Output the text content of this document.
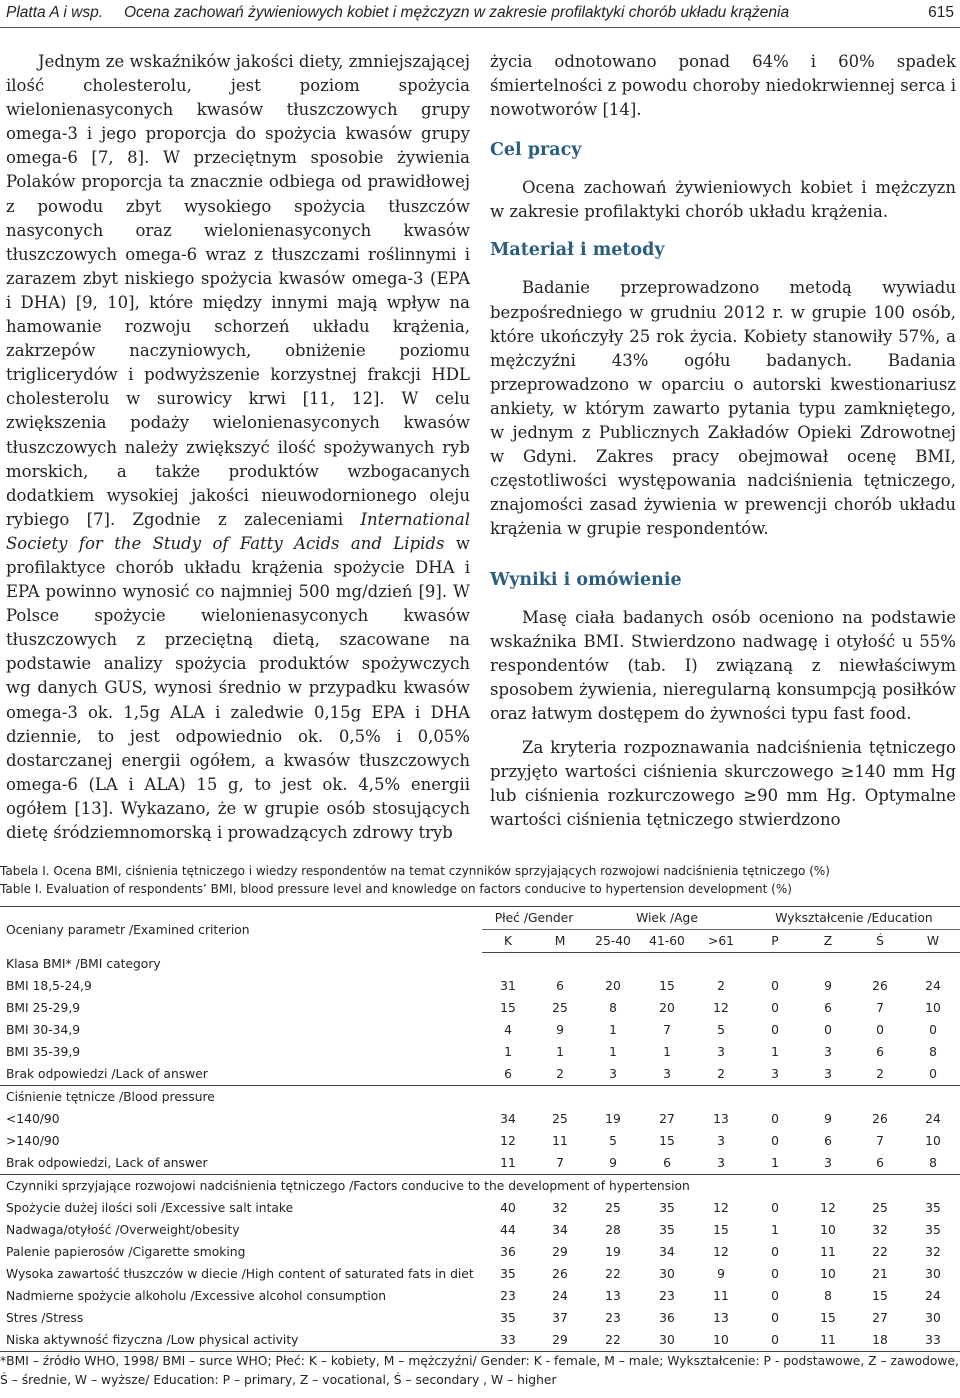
Platta A i wsp. Ocena zachowań żywieniowych kobiet i mężczyzn w zakresie profilaktyki chorób układu krążenia	615

Jednym ze wskaźników jakości diety, zmniejszającej ilość cholesterolu, jest poziom spożycia wielonienasyconych kwasów tłuszczowych grupy omega-3 i jego proporcja do spożycia kwasów grupy omega-6 [7, 8]. W przeciętnym sposobie żywienia Polaków proporcja ta znacznie odbiega od prawidłowej z powodu zbyt wysokiego spożycia tłuszczów nasyconych oraz wielonienasyconych kwasów tłuszczowych omega-6 wraz z tłuszczami roślinnymi i zarazem zbyt niskiego spożycia kwasów omega-3 (EPA i DHA) [9, 10], które między innymi mają wpływ na hamowanie rozwoju schorzeń układu krążenia, zakrzepów naczyniowych, obniżenie poziomu triglicerydów i podwyższenie korzystnej frakcji HDL cholesterolu w surowicy krwi [11, 12]. W celu zwiększenia podaży wielonienasyconych kwasów tłuszczowych należy zwiększyć ilość spożywanych ryb morskich, a także produktów wzbogacanych dodatkiem wysokiej jakości nieuwodornionego oleju rybiego [7]. Zgodnie z zaleceniami International Society for the Study of Fatty Acids and Lipids w profilaktyce chorób układu krążenia spożycie DHA i EPA powinno wynosić co najmniej 500 mg/dzień [9]. W Polsce spożycie wielonienasyconych kwasów tłuszczowych z przeciętną dietą, szacowane na podstawie analizy spożycia produktów spożywczych wg danych GUS, wynosi średnio w przypadku kwasów omega-3 ok. 1,5g ALA i zaledwie 0,15g EPA i DHA dziennie, to jest odpowiednio ok. 0,5% i 0,05% dostarczanej energii ogółem, a kwasów tłuszczowych omega-6 (LA i ALA) 15 g, to jest ok. 4,5% energii ogółem [13]. Wykazano, że w grupie osób stosujących dietę śródziemnomorską i prowadzących zdrowy tryb

życia odnotowano ponad 64% i 60% spadek śmiertelności z powodu choroby niedokrwiennej serca i nowotworów [14].

Cel pracy

Ocena zachowań żywieniowych kobiet i mężczyzn w zakresie profilaktyki chorób układu krążenia.

Materiał i metody

Badanie przeprowadzono metodą wywiadu bezpośredniego w grudniu 2012 r. w grupie 100 osób, które ukończyły 25 rok życia. Kobiety stanowiły 57%, a mężczyźni 43% ogółu badanych. Badania przeprowadzono w oparciu o autorski kwestionariusz ankiety, w którym zawarto pytania typu zamkniętego, w jednym z Publicznych Zakładów Opieki Zdrowotnej w Gdyni. Zakres pracy obejmował ocenę BMI, częstotliwości występowania nadciśnienia tętniczego, znajomości zasad żywienia w prewencji chorób układu krążenia w grupie respondentów.

Wyniki i omówienie

Masę ciała badanych osób oceniono na podstawie wskaźnika BMI. Stwierdzono nadwagę i otyłość u 55% respondentów (tab. I) związaną z niewłaściwym sposobem żywienia, nieregularną konsumpcją posiłków oraz łatwym dostępem do żywności typu fast food.

Za kryteria rozpoznawania nadciśnienia tętniczego przyjęto wartości ciśnienia skurczowego ≥140 mm Hg lub ciśnienia rozkurczowego ≥90 mm Hg. Optymalne wartości ciśnienia tętniczego stwierdzono

Tabela I. Ocena BMI, ciśnienia tętniczego i wiedzy respondentów na temat czynników sprzyjających rozwojowi nadciśnienia tętniczego (%)
Table I. Evaluation of respondents’ BMI, blood pressure level and knowledge on factors conducive to hypertension development (%)
Oceniany parametr /Examined criterion	Płeć /Gender		Wiek /Age			Wykształcenie /Education			
	K	M	25-40	41-60	>61	P	Z	Ś	W
Klasa BMI* /BMI category									
BMI 18,5-24,9	31	6	20	15	2	0	9	26	24
BMI 25-29,9	15	25	8	20	12	0	6	7	10
BMI 30-34,9	4	9	1	7	5	0	0	0	0
BMI 35-39,9	1	1	1	1	3	1	3	6	8
Brak odpowiedzi /Lack of answer	6	2	3	3	2	3	3	2	0
Ciśnienie tętnicze /Blood pressure									
<140/90	34	25	19	27	13	0	9	26	24
>140/90	12	11	5	15	3	0	6	7	10
Brak odpowiedzi, Lack of answer	11	7	9	6	3	1	3	6	8
Czynniki sprzyjające rozwojowi nadciśnienia tętniczego /Factors conducive to the development of hypertension									
Spożycie dużej ilości soli /Excessive salt intake	40	32	25	35	12	0	12	25	35
Nadwaga/otyłość /Overweight/obesity	44	34	28	35	15	1	10	32	35
Palenie papierosów /Cigarette smoking	36	29	19	34	12	0	11	22	32
Wysoka zawartość tłuszczów w diecie /High content of saturated fats in diet	35	26	22	30	9	0	10	21	30
Nadmierne spożycie alkoholu /Excessive alcohol consumption	23	24	13	23	11	0	8	15	24
Stres /Stress	35	37	23	36	13	0	15	27	30
Niska aktywność fizyczna /Low physical activity	33	29	22	30	10	0	11	18	33
*BMI – źródło WHO, 1998/ BMI – surce WHO; Płeć: K – kobiety, M – mężczyźni/ Gender: K - female, M – male; Wykształcenie: P - podstawowe, Z – zawodowe, Ś – średnie, W – wyższe/ Education: P – primary, Z – vocational, Ś – secondary , W – higher
